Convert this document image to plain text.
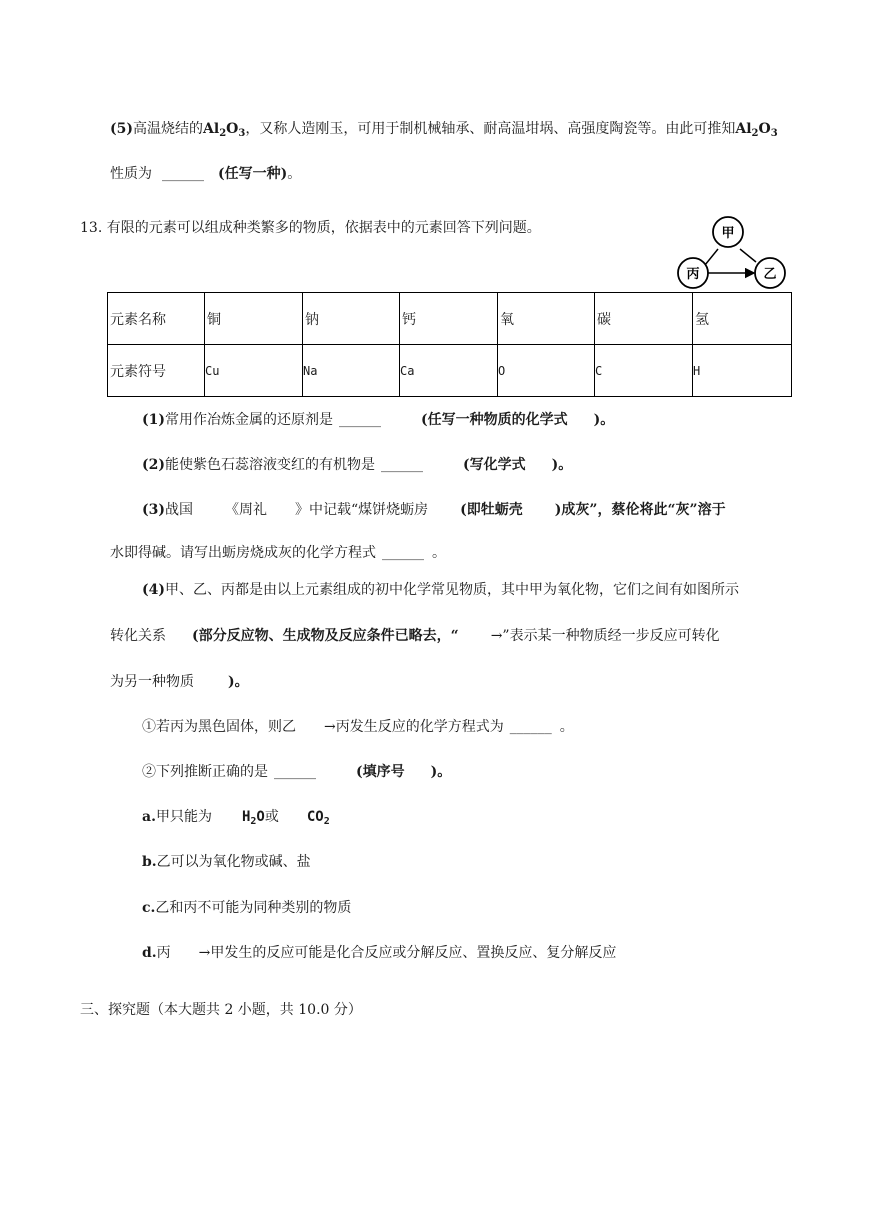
(5)高温烧结的$Al_2O_3$，又称人造刚玉，可用于制机械轴承、耐高温坩埚、高强度陶瓷等。由此可推知$Al_2O_3$
性质为 ______ (任写一种)。
13. 有限的元素可以组成种类繁多的物质，依据表中的元素回答下列问题。	甲
丙	乙
元素名称	铜	钠	钙	氧	碳	氢
元素符号	Cu	Na	Ca	O	C	H
(1)常用作冶炼金属的还原剂是 ______	(任写一种物质的化学式 )。
(2)能使紫色石蕊溶液变红的有机物是 ______	(写化学式 )。
(3)战国 《周礼 》中记载“煤饼烧蛎房 (即牡蛎壳 )成灰”，蔡伦将此“灰”溶于
水即得碱。请写出蛎房烧成灰的化学方程式 ______ 。
(4)甲、乙、丙都是由以上元素组成的初中化学常见物质，其中甲为氧化物，它们之间有如图所示
转化关系 (部分反应物、生成物及反应条件已略去，“ →”表示某一种物质经一步反应可转化
为另一种物质 )。
①若丙为黑色固体，则乙 →丙发生反应的化学方程式为 ______ 。
②下列推断正确的是 ______	(填序号 )。
a.甲只能为 $H_2O$或 $CO_2$
b.乙可以为氧化物或碱、盐
c.乙和丙不可能为同种类别的物质
d.丙 →甲发生的反应可能是化合反应或分解反应、置换反应、复分解反应
三、探究题（本大题共 2 小题，共 10.0 分）
